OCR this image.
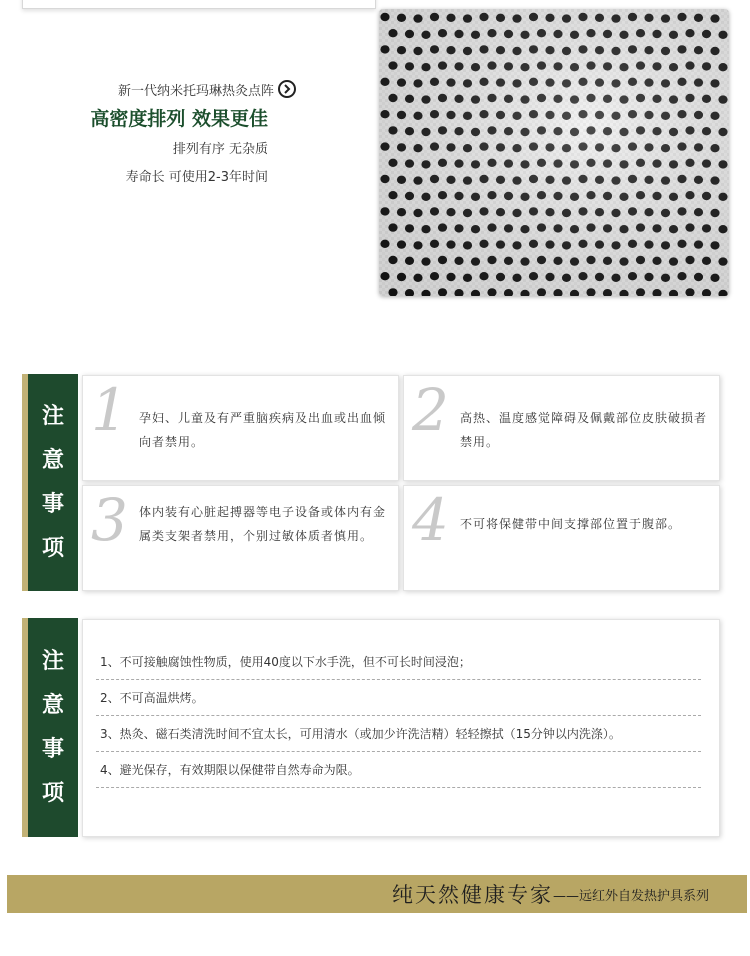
新一代纳米托玛琳热灸点阵
高密度排列 效果更佳
排列有序 无杂质
寿命长 可使用2-3年时间
注
意
事
项
1 孕妇、儿童及有严重脑疾病及出血或出血倾向者禁用。	2 高热、温度感觉障碍及佩戴部位皮肤破损者禁用。
3 体内装有心脏起搏器等电子设备或体内有金属类支架者禁用，个别过敏体质者慎用。 4 不可将保健带中间支撑部位置于腹部。
注
意
事
项
1、不可接触腐蚀性物质，使用40度以下水手洗，但不可长时间浸泡；
2、不可高温烘烤。
3、热灸、磁石类清洗时间不宜太长，可用清水（或加少许洗洁精）轻轻擦拭（15分钟以内洗涤）。
4、避光保存，有效期限以保健带自然寿命为限。
纯天然健康专家 ——远红外自发热护具系列
